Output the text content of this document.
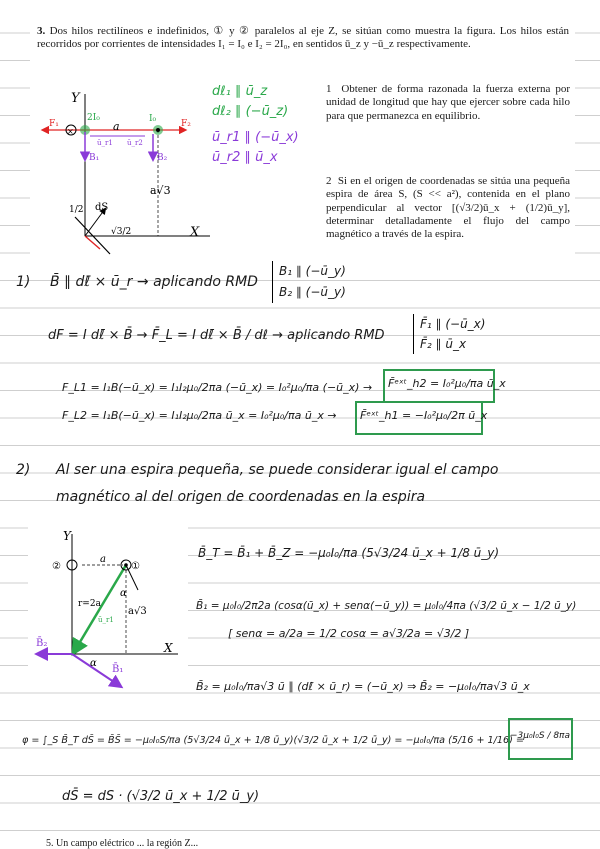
3. Dos hilos rectilíneos e indefinidos, ① y ② paralelos al eje Z, se sitúan como muestra la figura. Los hilos están recorridos por corrientes de intensidades I₁ = I₀ e I₂ = 2I₀, en sentidos ū_z y −ū_z respectivamente.
1 Obtener de forma razonada la fuerza externa por unidad de longitud que hay que ejercer sobre cada hilo para que permanezca en equilibrio.
2 Si en el origen de coordenadas se sitúa una pequeña espira de área S, (S << a²), contenida en el plano perpendicular al vector [(√3/2)ū_x + (1/2)ū_y], determinar detalladamente el flujo del campo magnético a través de la espira.
×
Y
X
a
a√3
2I₀	I₀
F₁	F₂
B₁	B₂
ū_r1 ū_r2
1/2 dS
√3/2
dℓ₁ ∥ ū_z
dℓ₂ ∥ (−ū_z)
ū_r1 ∥ (−ū_x)
ū_r2 ∥ ū_x
1) B̄ ∥ dℓ̄ × ū_r → aplicando RMD
B₁ ∥ (−ū_y)
B₂ ∥ (−ū_y)
dF = I dℓ̄ × B̄ → F̄_L = I dℓ̄ × B̄ / dℓ → aplicando RMD
F̄₁ ∥ (−ū_x)
F̄₂ ∥ ū_x
F_L1 = I₁B(−ū_x) = I₁I₂μ₀/2πa (−ū_x) = I₀²μ₀/πa (−ū_x) → F̄ᵉˣᵗ_h2 = I₀²μ₀/πa ū_x
F_L2 = I₁B(−ū_x) = I₁I₂μ₀/2πa ū_x = I₀²μ₀/πa ū_x → F̄ᵉˣᵗ_h1 = −I₀²μ₀/2π ū_x
2) Al ser una espira pequeña, se puede considerar igual el campo
magnético al del origen de coordenadas en la espira
②	①
Y
X
a
a√3
r=2a
α
α
ū_r1
B̄₂
B̄₁
B̄_T = B̄₁ + B̄_Z = −μ₀I₀/πa (5√3/24 ū_x + 1/8 ū_y)
B̄₁ = μ₀I₀/2π2a (cosα(ū_x) + senα(−ū_y)) = μ₀I₀/4πa (√3/2 ū_x − 1/2 ū_y)
[ senα = a/2a = 1/2 cosα = a√3/2a = √3/2 ]
B̄₂ = μ₀I₀/πa√3 ū ∥ (dℓ̄ × ū_r) = (−ū_x) ⇒ B̄₂ = −μ₀I₀/πa√3 ū_x
φ = ∫_S B̄_T dS̄ = B̄S̄ = −μ₀I₀S/πa (5√3/24 ū_x + 1/8 ū_y)(√3/2 ū_x + 1/2 ū_y) = −μ₀I₀/πa (5/16 + 1/16) =
−3μ₀I₀S / 8πa
dS̄ = dS · (√3/2 ū_x + 1/2 ū_y)
5. Un campo eléctrico ... la región Z...
